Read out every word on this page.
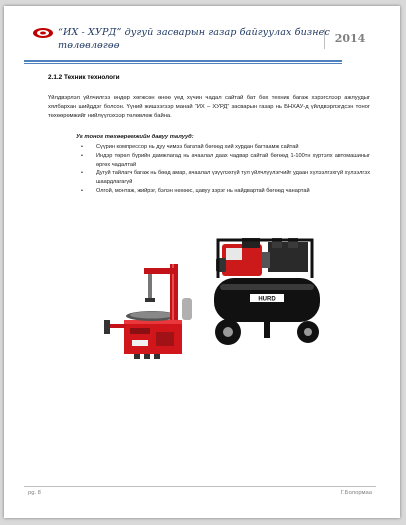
“ИХ - ХУРД” дугуй засварын газар байгуулах бизнес төлөвлөгөө
2014
2.1.2 Техник технологи
Үйлдвэрлэл үйлчилгээ өндөр хөгжсөн өнөө үед хүчин чадал сайтай бат бөх техник багаж хэрэгслээр ажлуудыг хялбархан шийддэг болсон. Үүний жишээгээр манай “ИХ – ХУРД” засварын газар нь БНХАУ-д үйлдвэрлэгдсэн тоног төхөөрөмжийг нийлүүлэхээр төлөвлөж байна.
Уг тоног төхөөрөмжийн давуу талууд:
• Сүүрин компрессор нь дуу чимээ багатай бөгөөд хий хурдан багтаамж сайтай
• Индэр төрөл бүрийн дамжлагад нь ачаалал даах чадвар сайтай бөгөөд 1-100тн хүртэлх автомашиныг өргөх чадалтай
• Дугуй тайлагч багаж нь бөөд амар, ачаалал үзүүлэхгүй тул үйлчлүүлэгчийг удаан хүлээлгэхгүй хүлээлгэх шаардлагагүй
• Олгой, монтаж, жийрэг, бэлэн нөхөөс, цавуу зэрэг нь найдвартай бөгөөд чанартай
HURD
pg. 8	Г.Болормаа
